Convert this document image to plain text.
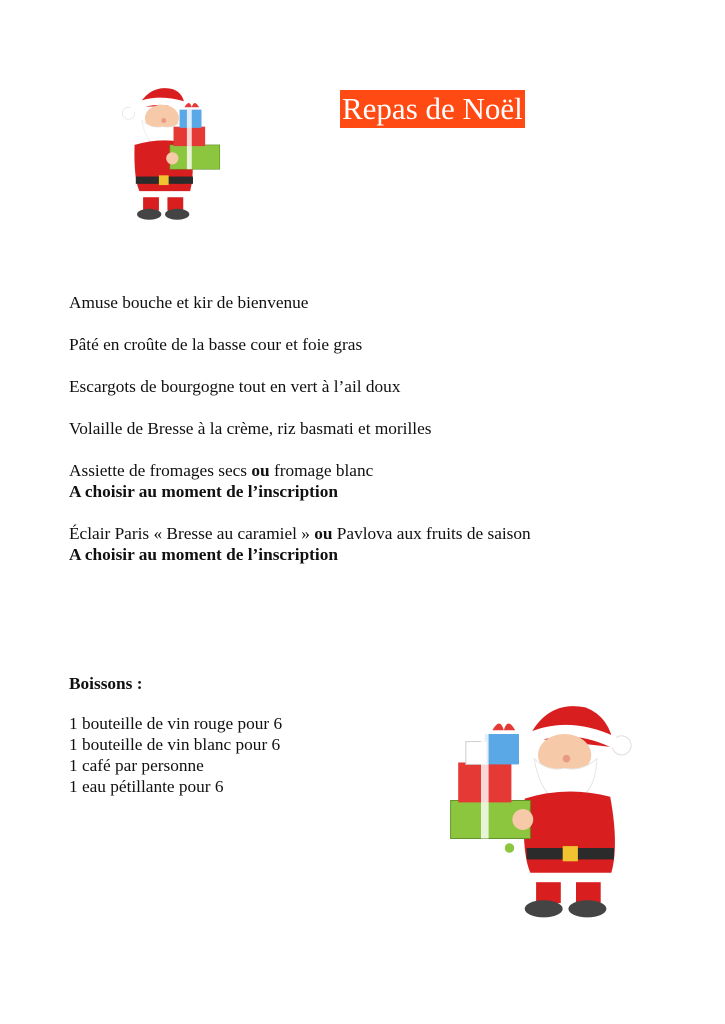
Repas de Noël
Amuse bouche et kir de bienvenue
Pâté en croûte de la basse cour et foie gras
Escargots de bourgogne tout en vert à l’ail doux
Volaille de Bresse à la crème, riz basmati et morilles
Assiette de fromages secs ou fromage blanc
A choisir au moment de l’inscription
Éclair Paris « Bresse au caramiel » ou Pavlova aux fruits de saison
A choisir au moment de l’inscription
Boissons :
1 bouteille de vin rouge pour 6
1 bouteille de vin blanc pour 6
1 café par personne
1 eau pétillante pour 6
